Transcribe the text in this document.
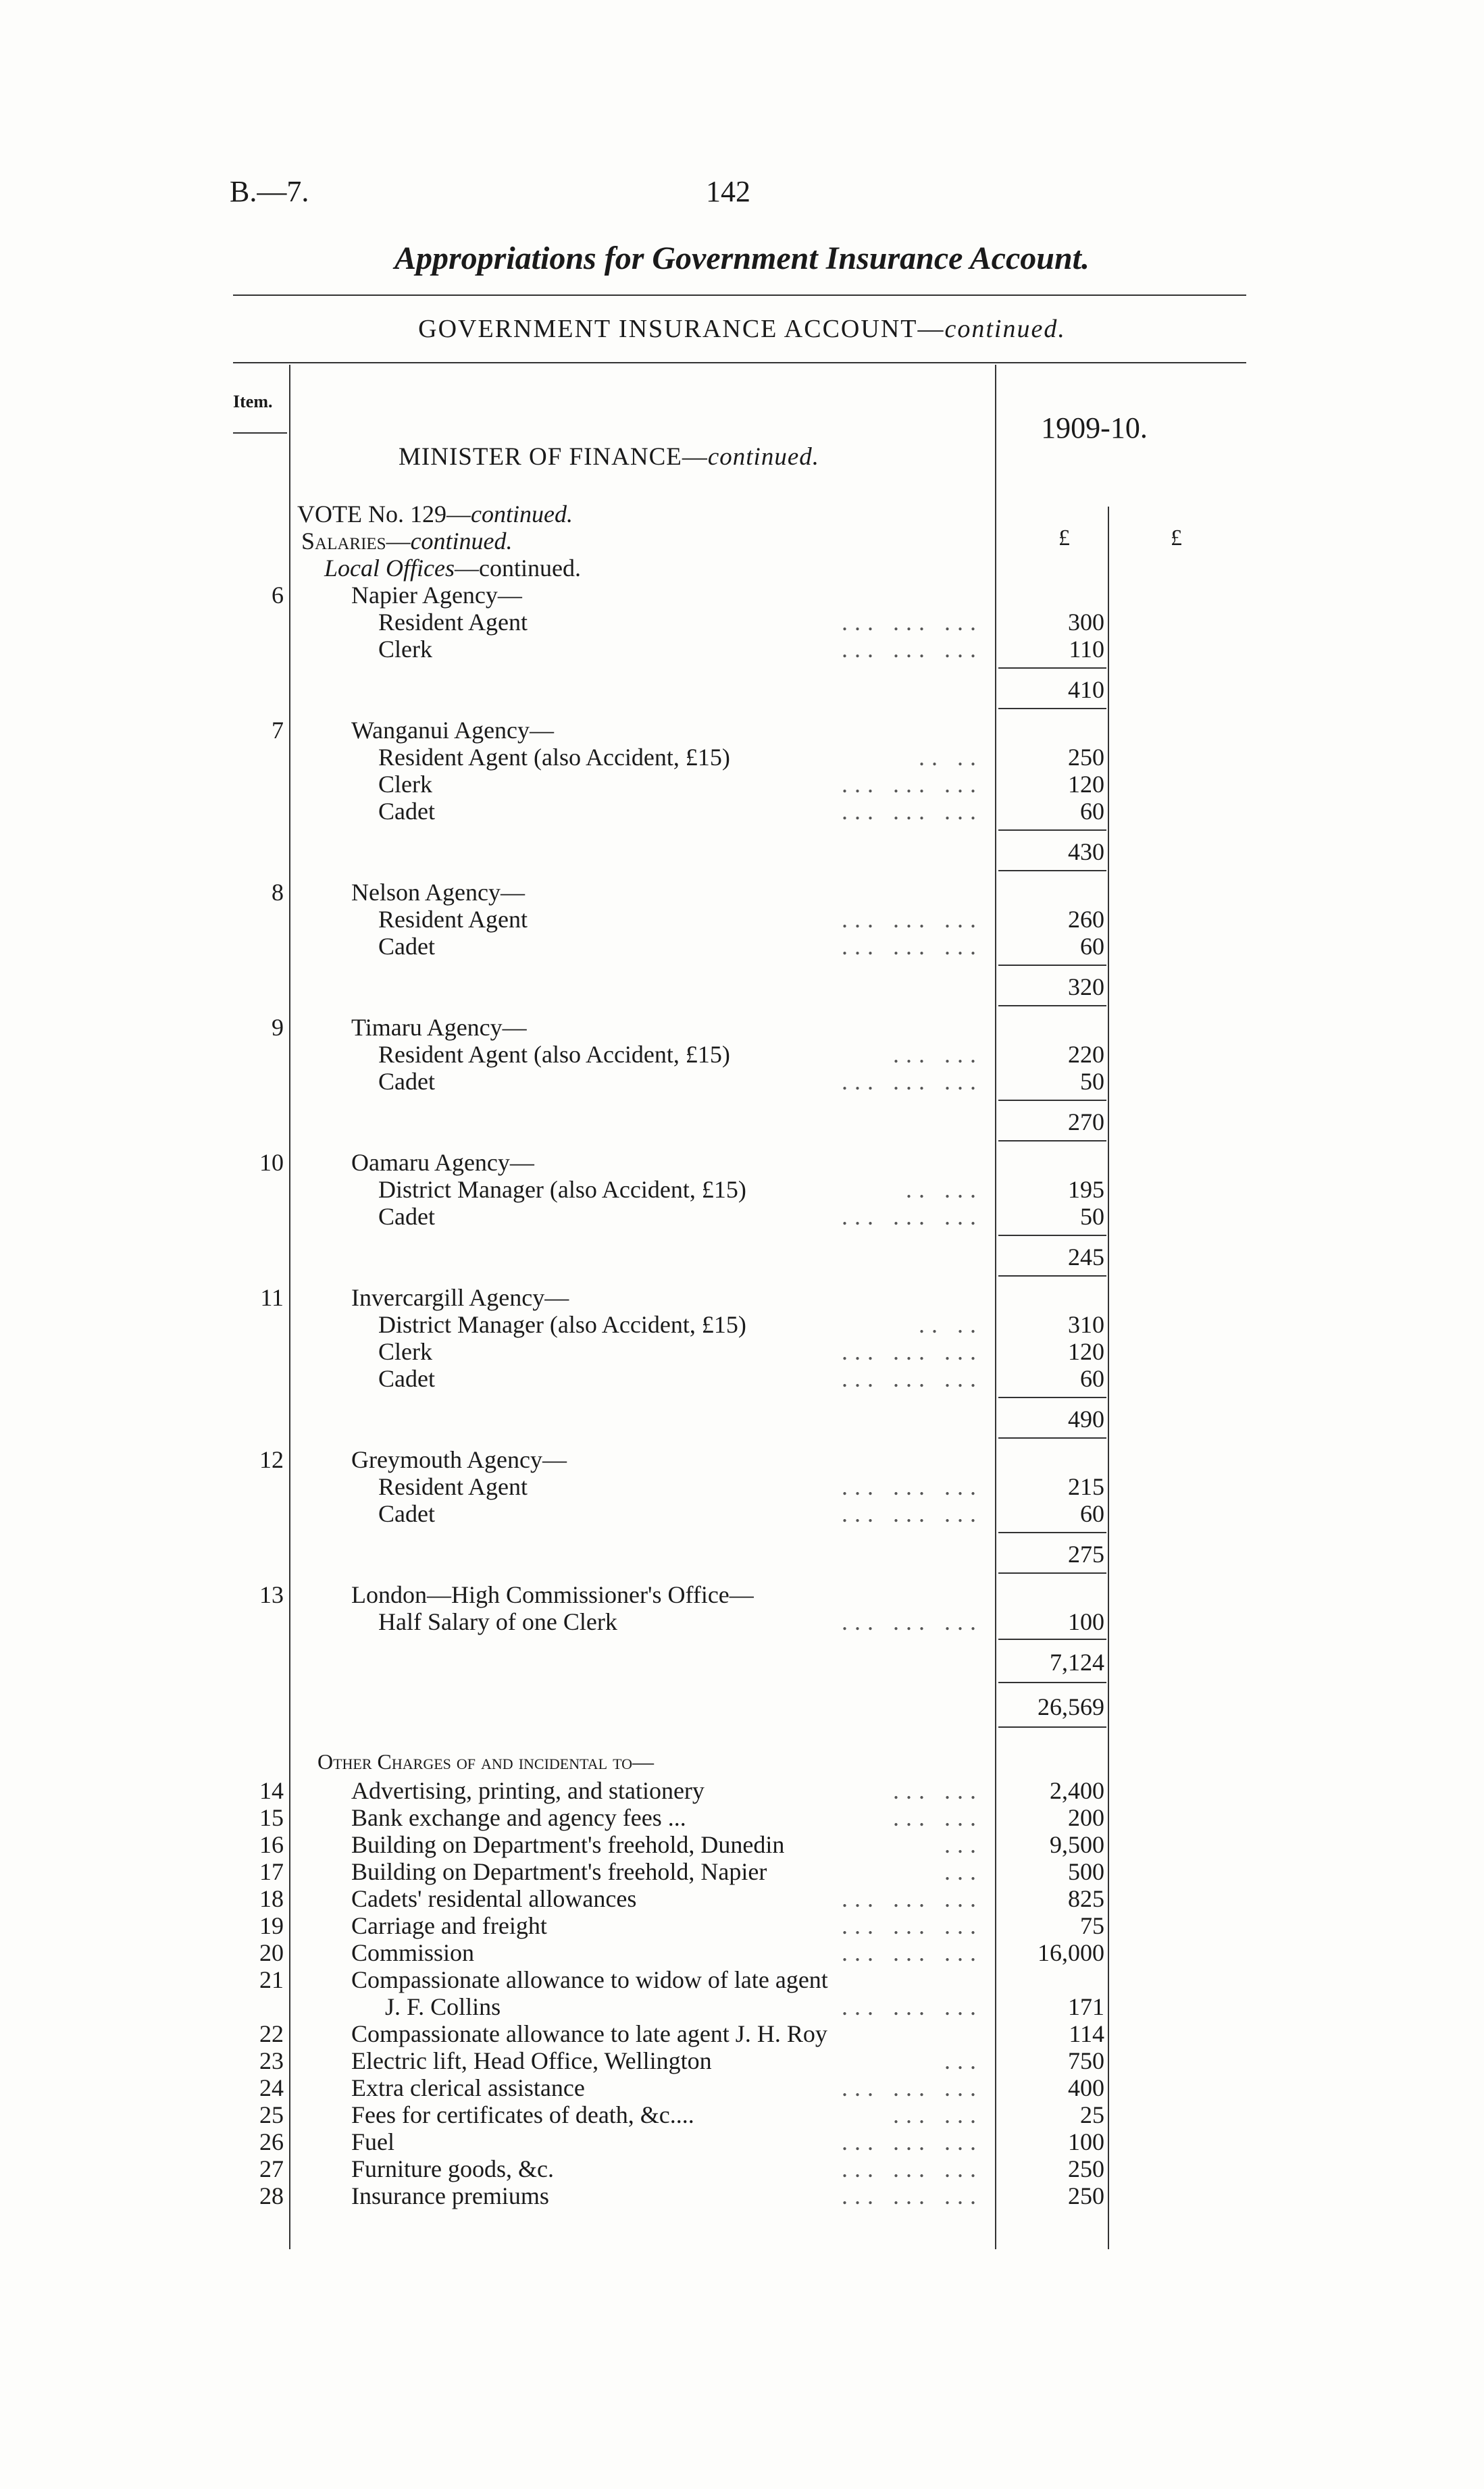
B.—7.	142
Appropriations for Government Insurance Account.
GOVERNMENT INSURANCE ACCOUNT—continued.
Item.
1909-10.
MINISTER OF FINANCE—continued.
£	£
VOTE No. 129—continued.
Salaries—continued.
Local Offices—continued.
6	Napier Agency—
Resident Agent	... ... ...	300
Clerk	... ... ...	110
410
7	Wanganui Agency—
Resident Agent (also Accident, £15)	.. ..	250
Clerk	... ... ...	120
Cadet	... ... ...	60
430
8	Nelson Agency—
Resident Agent	... ... ...	260
Cadet	... ... ...	60
320
9	Timaru Agency—
Resident Agent (also Accident, £15)	... ...	220
Cadet	... ... ...	50
270
10	Oamaru Agency—
District Manager (also Accident, £15)	.. ...	195
Cadet	... ... ...	50
245
11	Invercargill Agency—
District Manager (also Accident, £15)	.. ..	310
Clerk	... ... ...	120
Cadet	... ... ...	60
490
12	Greymouth Agency—
Resident Agent	... ... ...	215
Cadet	... ... ...	60
275
13	London—High Commissioner's Office—
Half Salary of one Clerk	... ... ...	100
7,124
26,569
Other Charges of and incidental to—
14	Advertising, printing, and stationery	... ...	2,400
15	Bank exchange and agency fees ...	... ...	200
16	Building on Department's freehold, Dunedin	...	9,500
17	Building on Department's freehold, Napier	...	500
18	Cadets' residental allowances	... ... ...	825
19	Carriage and freight	... ... ...	75
20	Commission	... ... ...	16,000
21	Compassionate allowance to widow of late agent
J. F. Collins	... ... ...	171
22	Compassionate allowance to late agent J. H. Roy	114
23	Electric lift, Head Office, Wellington	...	750
24	Extra clerical assistance	... ... ...	400
25	Fees for certificates of death, &c....	... ...	25
26	Fuel	... ... ...	100
27	Furniture goods, &c.	... ... ...	250
28	Insurance premiums	... ... ...	250
